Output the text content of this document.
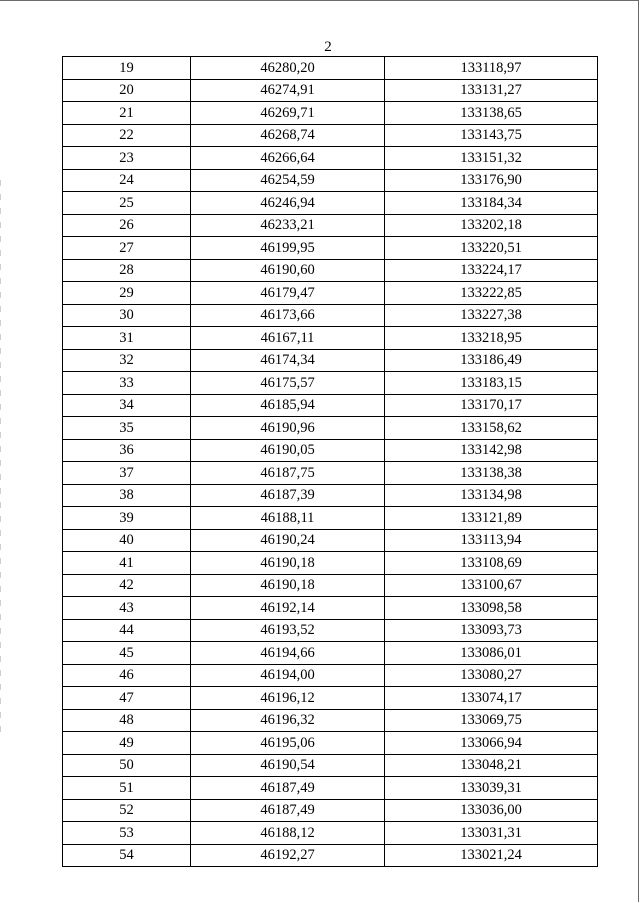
2
19	46280,20	133118,97
20	46274,91	133131,27
21	46269,71	133138,65
22	46268,74	133143,75
23	46266,64	133151,32
24	46254,59	133176,90
25	46246,94	133184,34
26	46233,21	133202,18
27	46199,95	133220,51
28	46190,60	133224,17
29	46179,47	133222,85
30	46173,66	133227,38
31	46167,11	133218,95
32	46174,34	133186,49
33	46175,57	133183,15
34	46185,94	133170,17
35	46190,96	133158,62
36	46190,05	133142,98
37	46187,75	133138,38
38	46187,39	133134,98
39	46188,11	133121,89
40	46190,24	133113,94
41	46190,18	133108,69
42	46190,18	133100,67
43	46192,14	133098,58
44	46193,52	133093,73
45	46194,66	133086,01
46	46194,00	133080,27
47	46196,12	133074,17
48	46196,32	133069,75
49	46195,06	133066,94
50	46190,54	133048,21
51	46187,49	133039,31
52	46187,49	133036,00
53	46188,12	133031,31
54	46192,27	133021,24
